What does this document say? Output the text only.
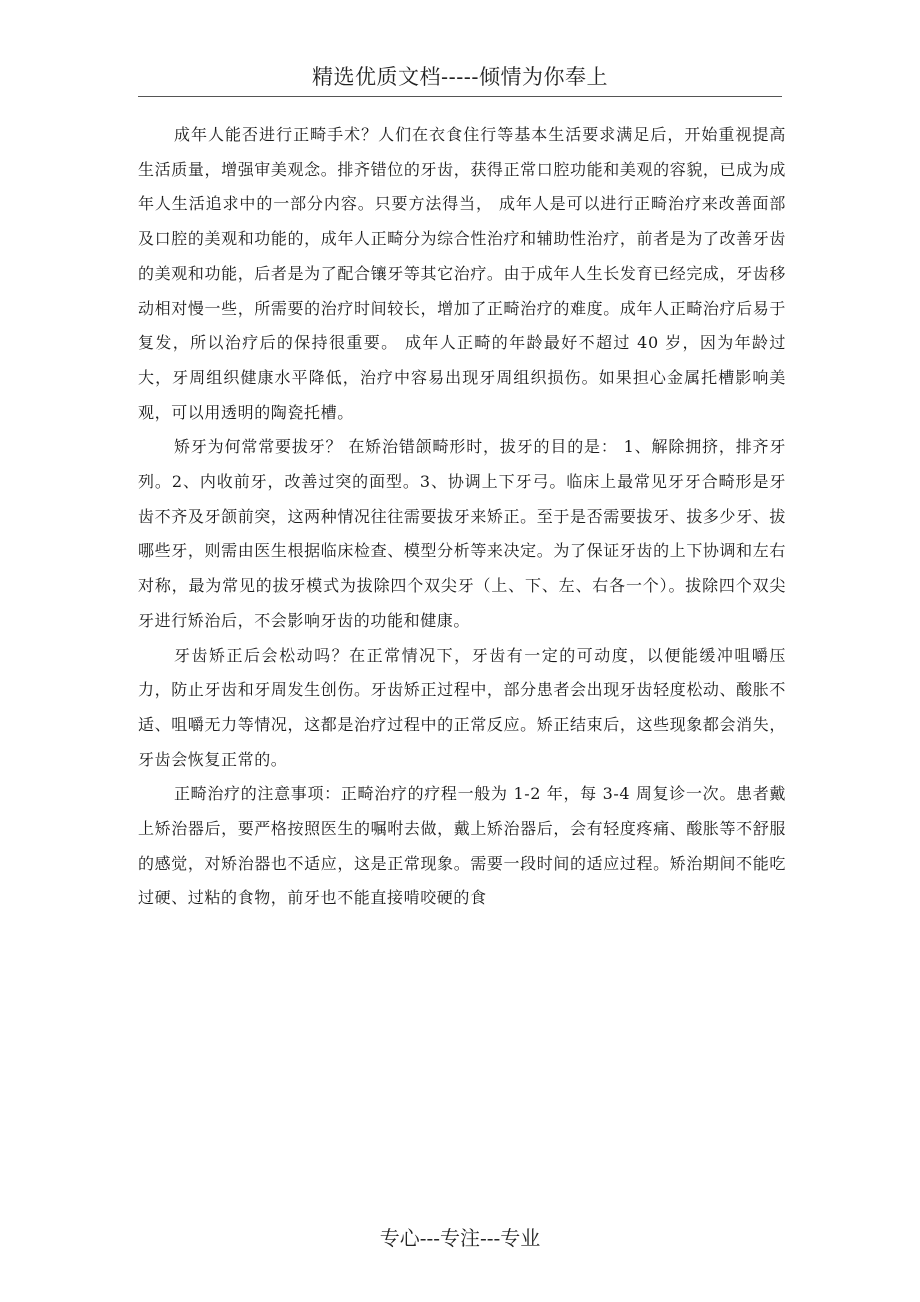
精选优质文档-----倾情为你奉上

成年人能否进行正畸手术？人们在衣食住行等基本生活要求满足后，开始重视提高生活质量，增强审美观念。排齐错位的牙齿，获得正常口腔功能和美观的容貌，已成为成年人生活追求中的一部分内容。只要方法得当， 成年人是可以进行正畸治疗来改善面部及口腔的美观和功能的，成年人正畸分为综合性治疗和辅助性治疗，前者是为了改善牙齿的美观和功能，后者是为了配合镶牙等其它治疗。由于成年人生长发育已经完成，牙齿移动相对慢一些，所需要的治疗时间较长，增加了正畸治疗的难度。成年人正畸治疗后易于复发，所以治疗后的保持很重要。 成年人正畸的年龄最好不超过 40 岁，因为年龄过大，牙周组织健康水平降低，治疗中容易出现牙周组织损伤。如果担心金属托槽影响美观，可以用透明的陶瓷托槽。

矫牙为何常常要拔牙？ 在矫治错颌畸形时，拔牙的目的是： 1、解除拥挤，排齐牙列。2、内收前牙，改善过突的面型。3、协调上下牙弓。临床上最常见牙牙合畸形是牙齿不齐及牙颌前突，这两种情况往往需要拔牙来矫正。至于是否需要拔牙、拔多少牙、拔哪些牙，则需由医生根据临床检查、模型分析等来决定。为了保证牙齿的上下协调和左右对称，最为常见的拔牙模式为拔除四个双尖牙（上、下、左、右各一个）。拔除四个双尖牙进行矫治后，不会影响牙齿的功能和健康。

牙齿矫正后会松动吗？在正常情况下，牙齿有一定的可动度，以便能缓冲咀嚼压力，防止牙齿和牙周发生创伤。牙齿矫正过程中，部分患者会出现牙齿轻度松动、酸胀不适、咀嚼无力等情况，这都是治疗过程中的正常反应。矫正结束后，这些现象都会消失，牙齿会恢复正常的。

正畸治疗的注意事项：正畸治疗的疗程一般为 1-2 年，每 3-4 周复诊一次。患者戴上矫治器后，要严格按照医生的嘱咐去做，戴上矫治器后，会有轻度疼痛、酸胀等不舒服的感觉，对矫治器也不适应，这是正常现象。需要一段时间的适应过程。矫治期间不能吃过硬、过粘的食物，前牙也不能直接啃咬硬的食

专心---专注---专业
